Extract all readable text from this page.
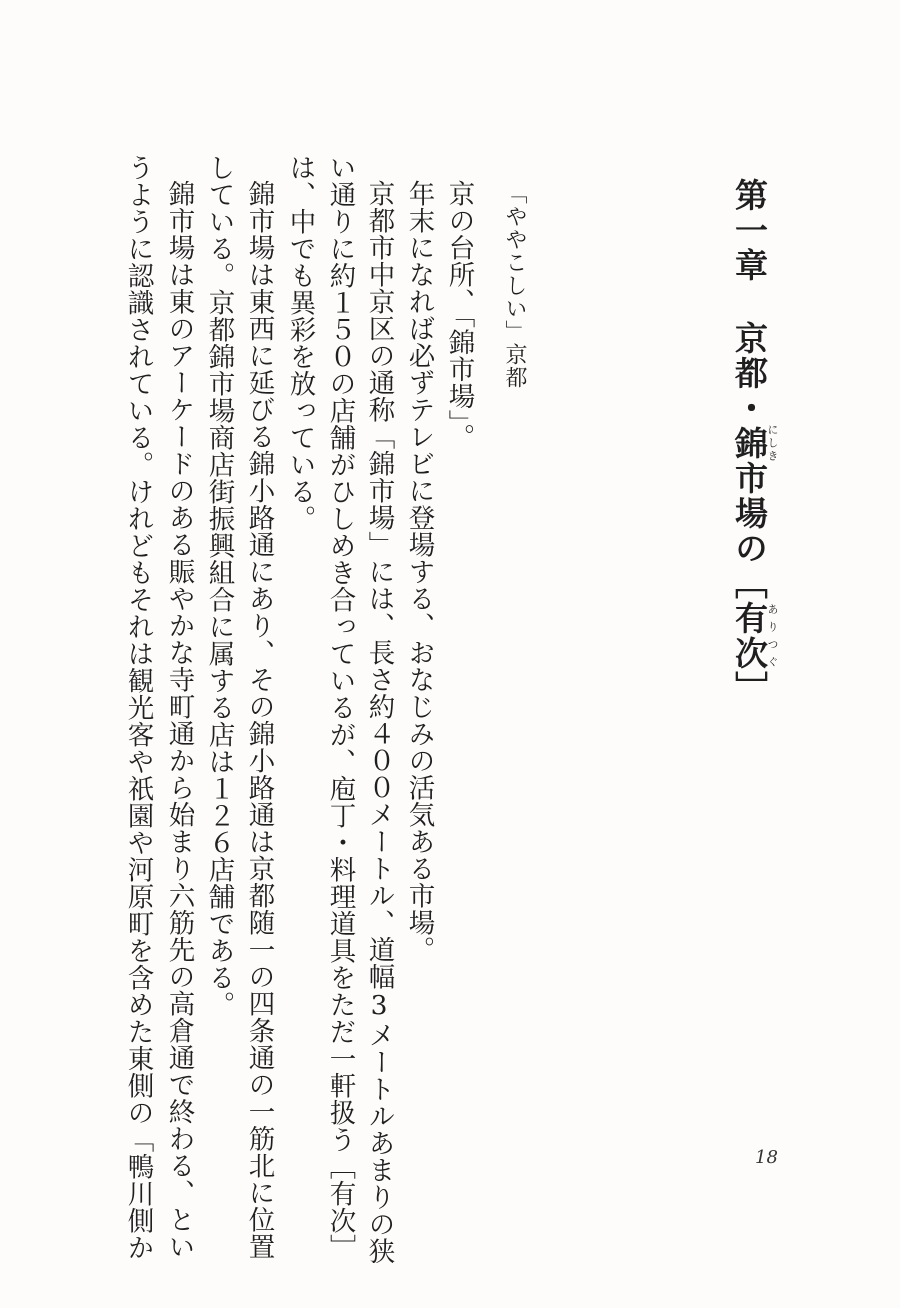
第一章京都・錦にしき市場の［有次ありつぐ］
「ややこしい」京都
京の台所、「錦市場」。
年末になれば必ずテレビに登場する、おなじみの活気ある市場。
京都市中京区の通称「錦市場」には、長さ約４００メートル、道幅3メートルあまりの狭
い通りに約１５０の店舗がひしめき合っているが、庖丁・料理道具をただ一軒扱う［有次］
は、中でも異彩を放っている。
錦市場は東西に延びる錦小路通にあり、その錦小路通は京都随一の四条通の一筋北に位置
している。京都錦市場商店街振興組合に属する店は１２６店舗である。
錦市場は東のアーケードのある賑やかな寺町通から始まり六筋先の高倉通で終わる、とい
うように認識されている。けれどもそれは観光客や祇園や河原町を含めた東側の「鴨川側か	18
